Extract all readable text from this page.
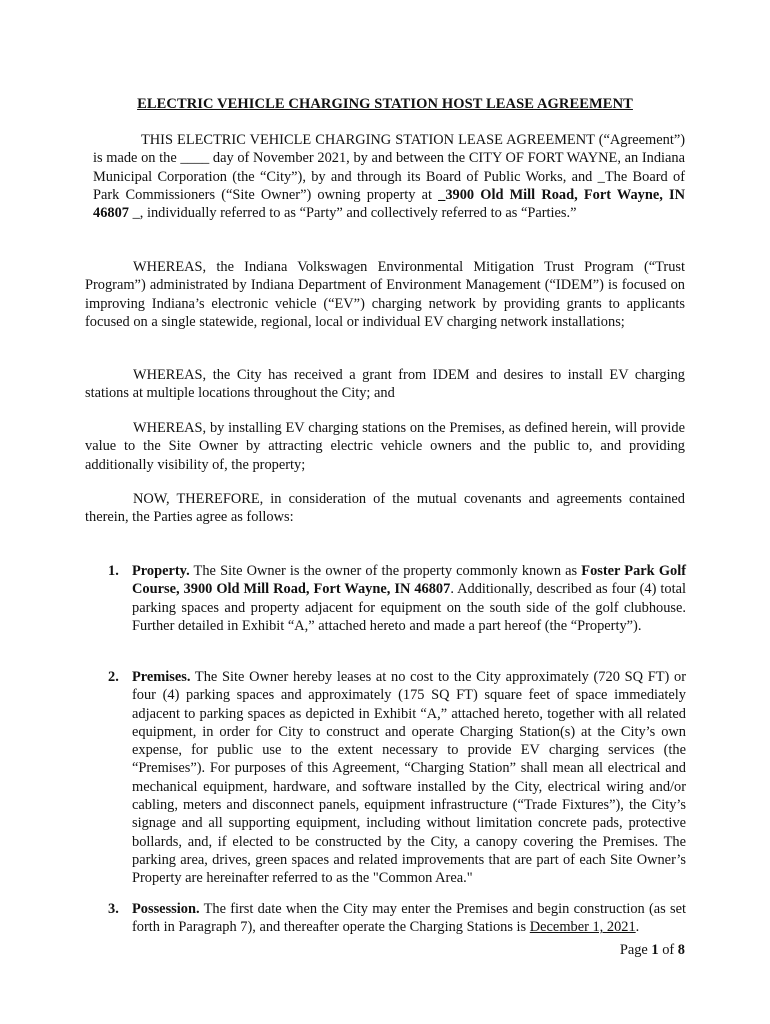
ELECTRIC VEHICLE CHARGING STATION HOST LEASE AGREEMENT
THIS ELECTRIC VEHICLE CHARGING STATION LEASE AGREEMENT (“Agreement”) is made on the ____ day of November 2021, by and between the CITY OF FORT WAYNE, an Indiana Municipal Corporation (the “City”), by and through its Board of Public Works, and _The Board of Park Commissioners (“Site Owner”) owning property at _3900 Old Mill Road, Fort Wayne, IN 46807 _, individually referred to as “Party” and collectively referred to as “Parties.”
WHEREAS, the Indiana Volkswagen Environmental Mitigation Trust Program (“Trust Program”) administrated by Indiana Department of Environment Management (“IDEM”) is focused on improving Indiana’s electronic vehicle (“EV”) charging network by providing grants to applicants focused on a single statewide, regional, local or individual EV charging network installations;
WHEREAS, the City has received a grant from IDEM and desires to install EV charging stations at multiple locations throughout the City; and
WHEREAS, by installing EV charging stations on the Premises, as defined herein, will provide value to the Site Owner by attracting electric vehicle owners and the public to, and providing additionally visibility of, the property;
NOW, THEREFORE, in consideration of the mutual covenants and agreements contained therein, the Parties agree as follows:
1. Property. The Site Owner is the owner of the property commonly known as Foster Park Golf Course, 3900 Old Mill Road, Fort Wayne, IN 46807. Additionally, described as four (4) total parking spaces and property adjacent for equipment on the south side of the golf clubhouse. Further detailed in Exhibit “A,” attached hereto and made a part hereof (the “Property”).
2. Premises. The Site Owner hereby leases at no cost to the City approximately (720 SQ FT) or four (4) parking spaces and approximately (175 SQ FT) square feet of space immediately adjacent to parking spaces as depicted in Exhibit “A,” attached hereto, together with all related equipment, in order for City to construct and operate Charging Station(s) at the City’s own expense, for public use to the extent necessary to provide EV charging services (the “Premises”). For purposes of this Agreement, “Charging Station” shall mean all electrical and mechanical equipment, hardware, and software installed by the City, electrical wiring and/or cabling, meters and disconnect panels, equipment infrastructure (“Trade Fixtures”), the City’s signage and all supporting equipment, including without limitation concrete pads, protective bollards, and, if elected to be constructed by the City, a canopy covering the Premises. The parking area, drives, green spaces and related improvements that are part of each Site Owner’s Property are hereinafter referred to as the "Common Area."
3. Possession. The first date when the City may enter the Premises and begin construction (as set forth in Paragraph 7), and thereafter operate the Charging Stations is December 1, 2021.
Page 1 of 8
